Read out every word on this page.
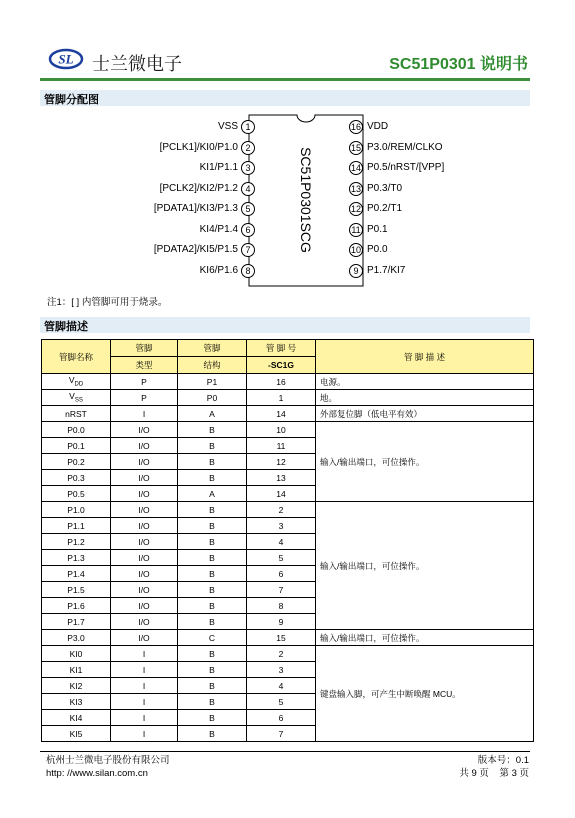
SL 士兰微电子	SC51P0301 说明书
管脚分配图
SC51P0301SCG
VSS 1
[PCLK1]/KI0/P1.0 2
KI1/P1.1 3
[PCLK2]/KI2/P1.2 4
[PDATA1]/KI3/P1.3 5
KI4/P1.4 6
[PDATA2]/KI5/P1.5 7
KI6/P1.6 8
16 VDD
15 P3.0/REM/CLKO
14 P0.5/nRST/[VPP]
13 P0.3/T0
12 P0.2/T1
11 P0.1
10 P0.0
9 P1.7/KI7
注1：[ ] 内管脚可用于烧录。
管脚描述
管脚名称	管脚	管脚	管 脚 号	管 脚 描 述
	类型	结构	-SC1G	
$V_{DD}$	P	P1	16	电源。
$V_{SS}$	P	P0	1	地。
nRST	I	A	14	外部复位脚（低电平有效）
P0.0	I/O	B	10	输入/输出端口，可位操作。
P0.1	I/O	B	11	
P0.2	I/O	B	12	
P0.3	I/O	B	13	
P0.5	I/O	A	14	
P1.0	I/O	B	2	输入/输出端口，可位操作。
P1.1	I/O	B	3	
P1.2	I/O	B	4	
P1.3	I/O	B	5	
P1.4	I/O	B	6	
P1.5	I/O	B	7	
P1.6	I/O	B	8	
P1.7	I/O	B	9	
P3.0	I/O	C	15	输入/输出端口，可位操作。
KI0	I	B	2	键盘输入脚，可产生中断唤醒 MCU。
KI1	I	B	3	
KI2	I	B	4	
KI3	I	B	5	
KI4	I	B	6	
KI5	I	B	7	
杭州士兰微电子股份有限公司
http: //www.silan.com.cn
版本号：0.1
共 9 页    第 3 页
